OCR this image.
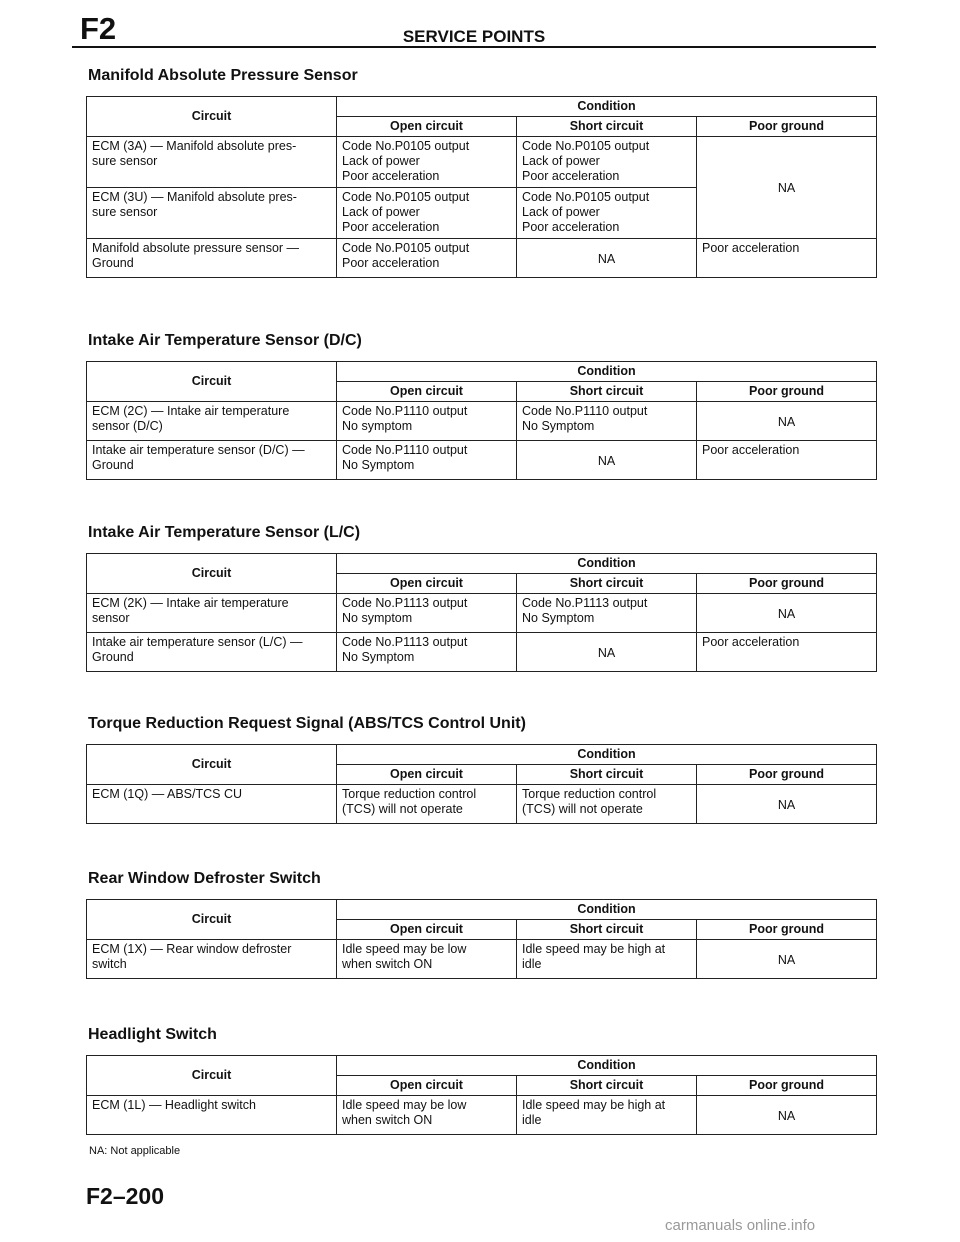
F2	SERVICE POINTS
Manifold Absolute Pressure Sensor
Circuit	Condition		
	Open circuit	Short circuit	Poor ground
ECM (3A) — Manifold absolute pres-
sure sensor	Code No.P0105 output
Lack of power
Poor acceleration	Code No.P0105 output
Lack of power
Poor acceleration	NA
ECM (3U) — Manifold absolute pres-
sure sensor	Code No.P0105 output
Lack of power
Poor acceleration	Code No.P0105 output
Lack of power
Poor acceleration	
Manifold absolute pressure sensor —
Ground	Code No.P0105 output
Poor acceleration	NA	Poor acceleration
Intake Air Temperature Sensor (D/C)
Circuit	Condition		
	Open circuit	Short circuit	Poor ground
ECM (2C) — Intake air temperature
sensor (D/C)	Code No.P1110 output
No symptom	Code No.P1110 output
No Symptom	NA
Intake air temperature sensor (D/C) —
Ground	Code No.P1110 output
No Symptom	NA	Poor acceleration
Intake Air Temperature Sensor (L/C)
Circuit	Condition		
	Open circuit	Short circuit	Poor ground
ECM (2K) — Intake air temperature
sensor	Code No.P1113 output
No symptom	Code No.P1113 output
No Symptom	NA
Intake air temperature sensor (L/C) —
Ground	Code No.P1113 output
No Symptom	NA	Poor acceleration
Torque Reduction Request Signal (ABS/TCS Control Unit)
Circuit	Condition		
	Open circuit	Short circuit	Poor ground
ECM (1Q) — ABS/TCS CU	Torque reduction control
(TCS) will not operate	Torque reduction control
(TCS) will not operate	NA
Rear Window Defroster Switch
Circuit	Condition		
	Open circuit	Short circuit	Poor ground
ECM (1X) — Rear window defroster
switch	Idle speed may be low
when switch ON	Idle speed may be high at
idle	NA
Headlight Switch
Circuit	Condition		
	Open circuit	Short circuit	Poor ground
ECM (1L) — Headlight switch	Idle speed may be low
when switch ON	Idle speed may be high at
idle	NA
NA: Not applicable
F2–200
carmanuals online.info
